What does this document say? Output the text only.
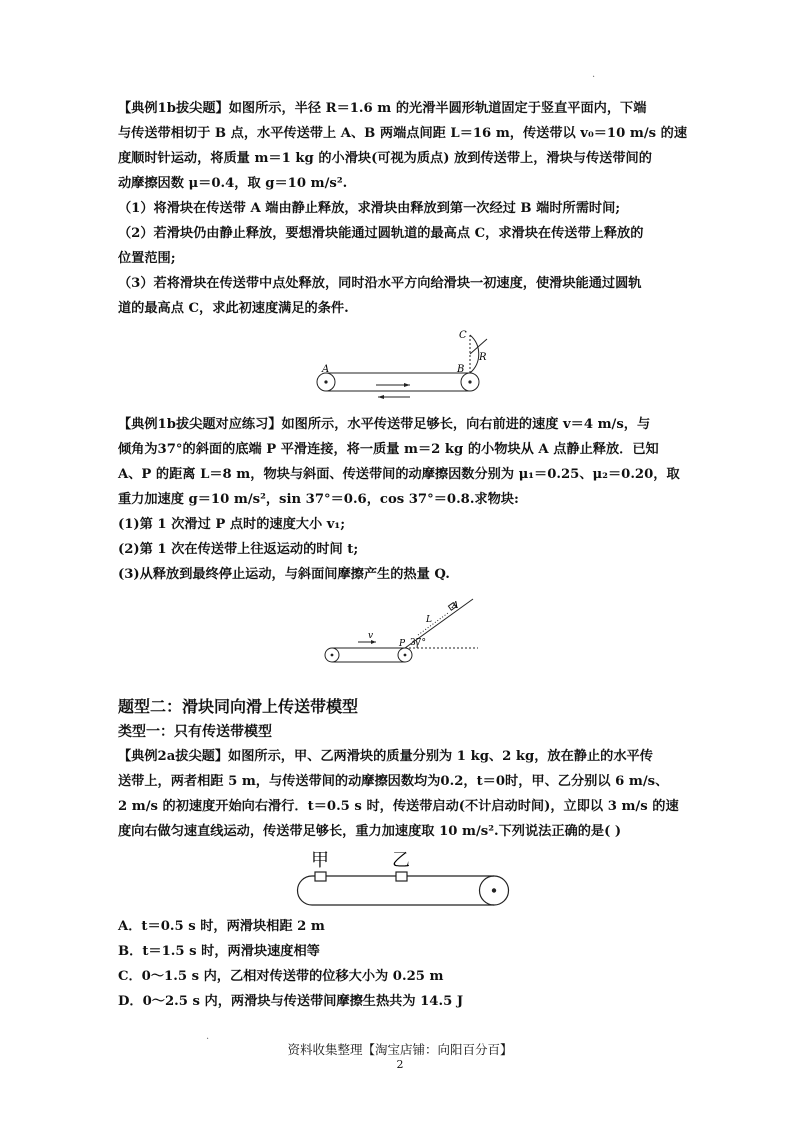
·
【典例1b拔尖题】如图所示，半径 R＝1.6 m 的光滑半圆形轨道固定于竖直平面内，下端
与传送带相切于 B 点，水平传送带上 A、B 两端点间距 L＝16 m，传送带以 v₀＝10 m/s 的速
度顺时针运动，将质量 m＝1 kg 的小滑块(可视为质点) 放到传送带上，滑块与传送带间的
动摩擦因数 μ＝0.4，取 g＝10 m/s².
（1）将滑块在传送带 A 端由静止释放，求滑块由释放到第一次经过 B 端时所需时间;
（2）若滑块仍由静止释放，要想滑块能通过圆轨道的最高点 C，求滑块在传送带上释放的
位置范围;
（3）若将滑块在传送带中点处释放，同时沿水平方向给滑块一初速度，使滑块能通过圆轨
道的最高点 C，求此初速度满足的条件.
A	B
C
R
【典例1b拔尖题对应练习】如图所示，水平传送带足够长，向右前进的速度 v＝4 m/s，与
倾角为37°的斜面的底端 P 平滑连接，将一质量 m＝2 kg 的小物块从 A 点静止释放．已知
A、P 的距离 L＝8 m，物块与斜面、传送带间的动摩擦因数分别为 μ₁＝0.25、μ₂＝0.20，取
重力加速度 g＝10 m/s²，sin 37°＝0.6，cos 37°＝0.8.求物块:
(1)第 1 次滑过 P 点时的速度大小 v₁;
(2)第 1 次在传送带上往返运动的时间 t;
(3)从释放到最终停止运动，与斜面间摩擦产生的热量 Q.
v
L
A
P 37°
题型二：滑块同向滑上传送带模型
类型一：只有传送带模型
【典例2a拔尖题】如图所示，甲、乙两滑块的质量分别为 1 kg、2 kg，放在静止的水平传
送带上，两者相距 5 m，与传送带间的动摩擦因数均为0.2，t＝0时，甲、乙分别以 6 m/s、
2 m/s 的初速度开始向右滑行．t＝0.5 s 时，传送带启动(不计启动时间)，立即以 3 m/s 的速
度向右做匀速直线运动，传送带足够长，重力加速度取 10 m/s².下列说法正确的是( )
甲	乙
A．t＝0.5 s 时，两滑块相距 2 m
B．t＝1.5 s 时，两滑块速度相等
C．0～1.5 s 内，乙相对传送带的位移大小为 0.25 m
D．0～2.5 s 内，两滑块与传送带间摩擦生热共为 14.5 J
·
资料收集整理【淘宝店铺：向阳百分百】
2
